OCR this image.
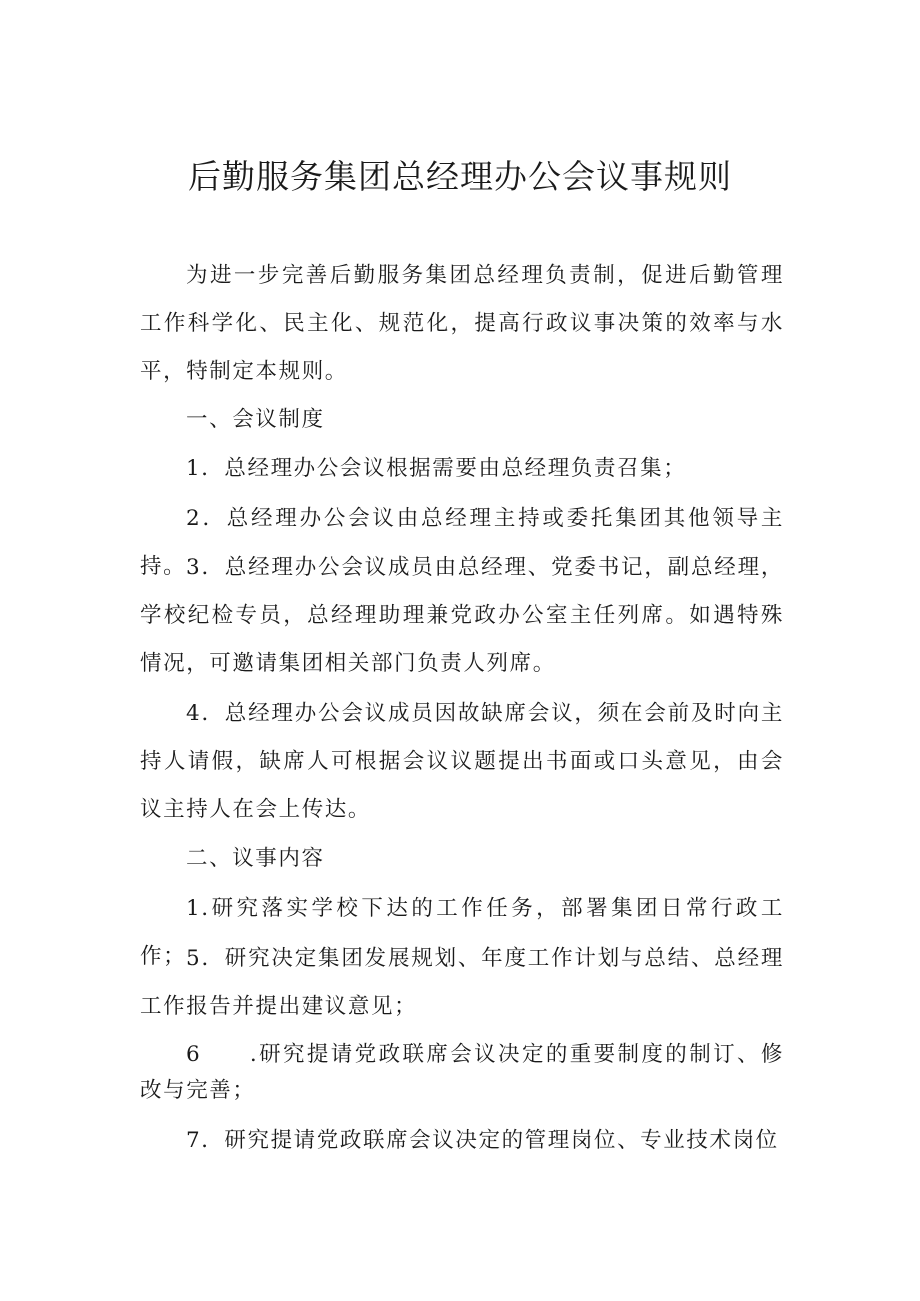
后勤服务集团总经理办公会议事规则

为进一步完善后勤服务集团总经理负责制，促进后勤管理工作科学化、民主化、规范化，提高行政议事决策的效率与水平，特制定本规则。

一、会议制度

1．总经理办公会议根据需要由总经理负责召集；

2．总经理办公会议由总经理主持或委托集团其他领导主持。 3．总经理办公会议成员由总经理、党委书记，副总经理，学校纪检专员，总经理助理兼党政办公室主任列席。如遇特殊情况，可邀请集团相关部门负责人列席。

4．总经理办公会议成员因故缺席会议，须在会前及时向主持人请假，缺席人可根据会议议题提出书面或口头意见，由会议主持人在会上传达。

二、议事内容

1.研究落实学校下达的工作任务，部署集团日常行政工作； 5．研究决定集团发展规划、年度工作计划与总结、总经理工作报告并提出建议意见；

6　　.研究提请党政联席会议决定的重要制度的制订、修改与完善；

7．研究提请党政联席会议决定的管理岗位、专业技术岗位
